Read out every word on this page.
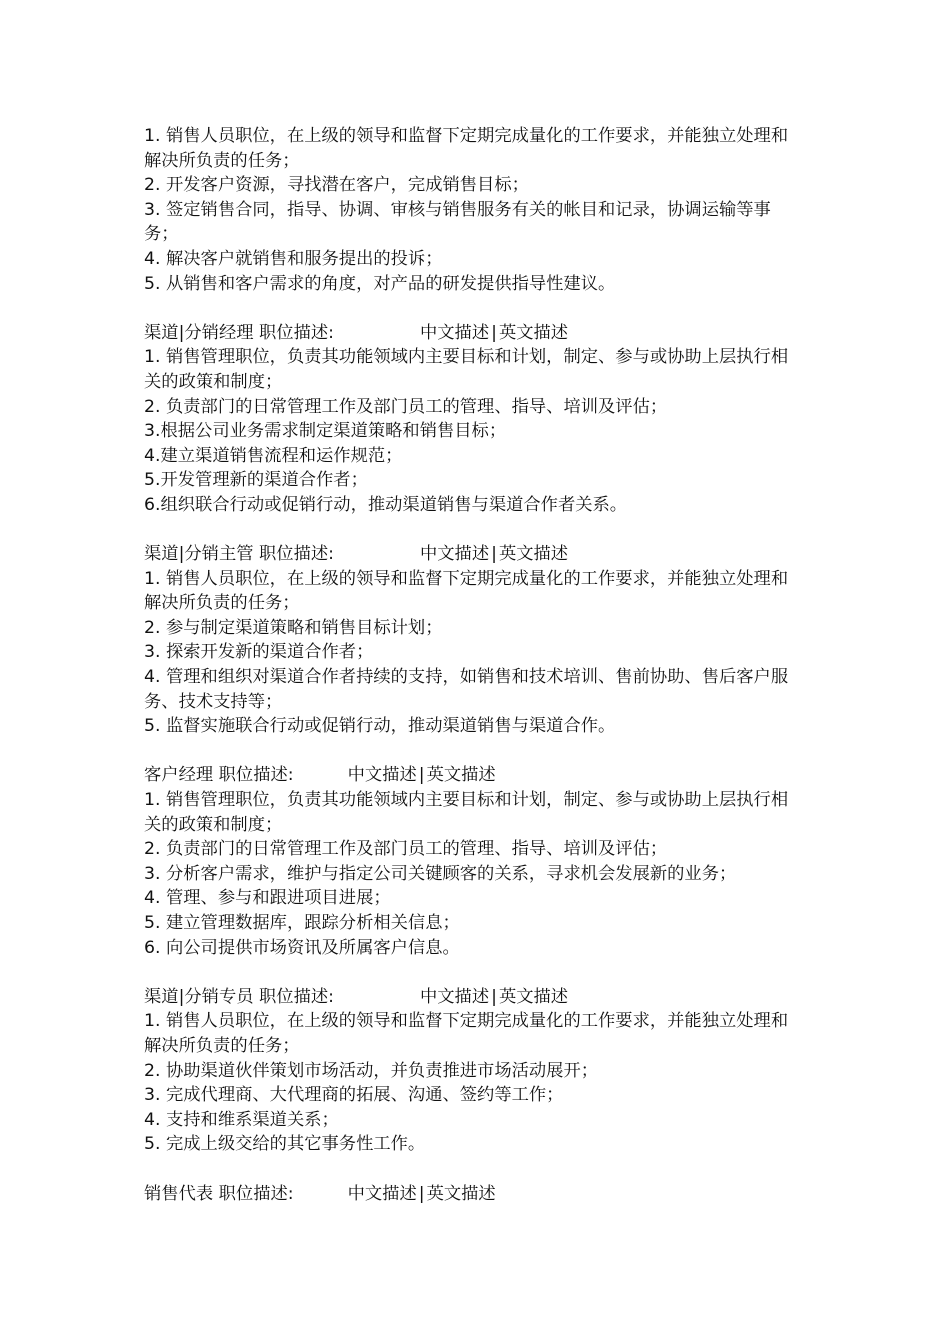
1. 销售人员职位，在上级的领导和监督下定期完成量化的工作要求，并能独立处理和解决所负责的任务；

2. 开发客户资源，寻找潜在客户，完成销售目标；

3. 签定销售合同，指导、协调、审核与销售服务有关的帐目和记录，协调运输等事务；

4. 解决客户就销售和服务提出的投诉；

5. 从销售和客户需求的角度，对产品的研发提供指导性建议。

渠道|分销经理
职位描述:	中文描述 | 英文描述

1. 销售管理职位，负责其功能领域内主要目标和计划，制定、参与或协助上层执行相关的政策和制度；

2. 负责部门的日常管理工作及部门员工的管理、指导、培训及评估；

3.根据公司业务需求制定渠道策略和销售目标；

4.建立渠道销售流程和运作规范；

5.开发管理新的渠道合作者；

6.组织联合行动或促销行动，推动渠道销售与渠道合作者关系。

渠道|分销主管
职位描述:	中文描述 | 英文描述

1. 销售人员职位，在上级的领导和监督下定期完成量化的工作要求，并能独立处理和解决所负责的任务；

2. 参与制定渠道策略和销售目标计划；

3. 探索开发新的渠道合作者；

4. 管理和组织对渠道合作者持续的支持，如销售和技术培训、售前协助、售后客户服务、技术支持等；

5. 监督实施联合行动或促销行动，推动渠道销售与渠道合作。

客户经理
职位描述:	中文描述 | 英文描述

1. 销售管理职位，负责其功能领域内主要目标和计划，制定、参与或协助上层执行相关的政策和制度；

2. 负责部门的日常管理工作及部门员工的管理、指导、培训及评估；

3. 分析客户需求，维护与指定公司关键顾客的关系，寻求机会发展新的业务；

4. 管理、参与和跟进项目进展；

5. 建立管理数据库，跟踪分析相关信息；

6. 向公司提供市场资讯及所属客户信息。

渠道|分销专员
职位描述:	中文描述 | 英文描述

1. 销售人员职位，在上级的领导和监督下定期完成量化的工作要求，并能独立处理和解决所负责的任务；

2. 协助渠道伙伴策划市场活动，并负责推进市场活动展开；

3. 完成代理商、大代理商的拓展、沟通、签约等工作；

4. 支持和维系渠道关系；

5. 完成上级交给的其它事务性工作。

销售代表
职位描述:	中文描述 | 英文描述
